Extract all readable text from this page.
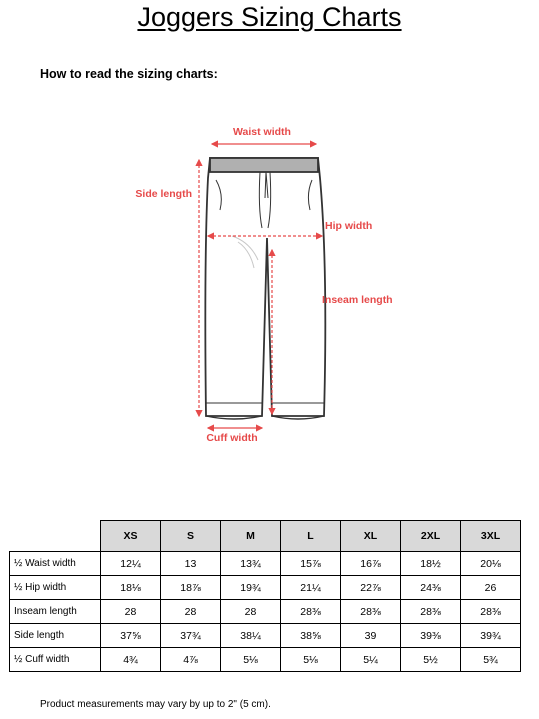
Joggers Sizing Charts

How to read the sizing charts:

Waist width
Side length
Hip width
Inseam length
Cuff width
	XS	S	M	L	XL	2XL	3XL
½ Waist width	12¼	13	13¾	15⅞	16⅞	18½	20⅛
½ Hip width	18⅛	18⅞	19¾	21¼	22⅞	24⅜	26
Inseam length	28	28	28	28⅜	28⅜	28⅜	28⅜
Side length	37⅝	37¾	38¼	38⅝	39	39⅜	39¾
½ Cuff width	4¾	4⅞	5⅛	5⅛	5¼	5½	5¾

Product measurements may vary by up to 2" (5 cm).
